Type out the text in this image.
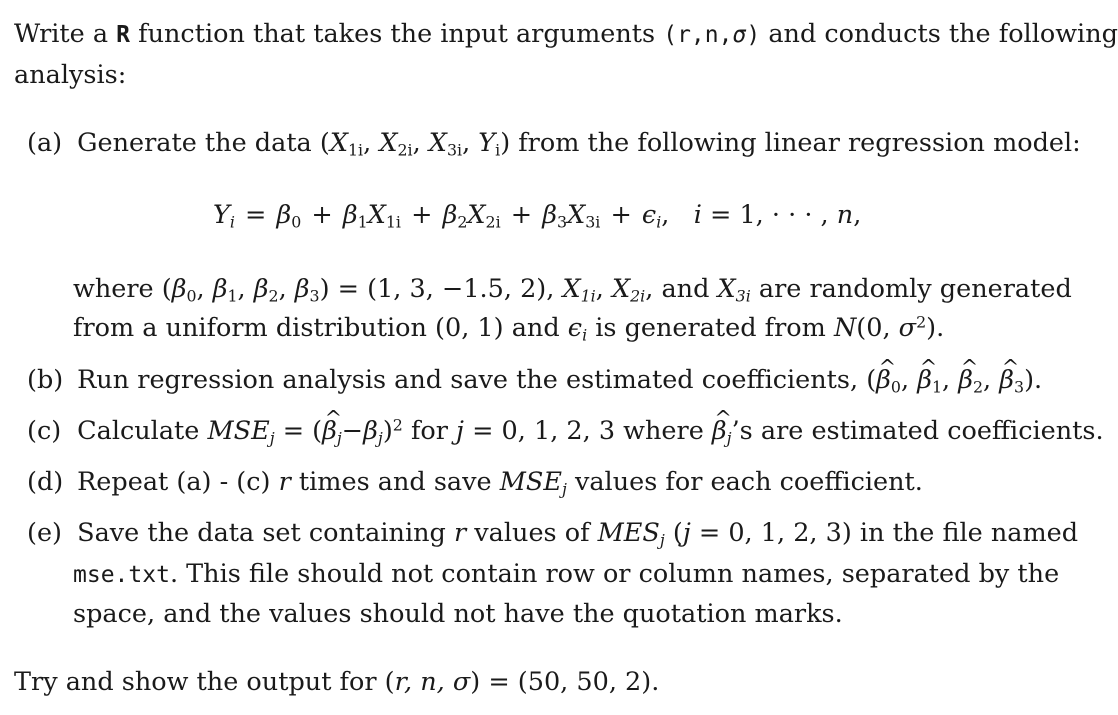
Write a R function that takes the input arguments (r,n,σ) and conducts the following
analysis:
(a) Generate the data ($X_{1i}$, $X_{2i}$, $X_{3i}$, $Y_i$) from the following linear regression model:
$Y_i = \beta_0 + \beta_1X_{1i} + \beta_2X_{2i} + \beta_3X_{3i} + \epsilon_i$,   i = 1, · · · , n,
where ($\beta_0$, $\beta_1$, $\beta_2$, $\beta_3) = (1$, 3, −1.5, 2), $X_{1i}$, $X_{2i}$, and $X_{3i}$ are randomly generated
from a uniform distribution (0, 1) and $\epsilon_i$ is generated from N(0, $\sigma^2$).
(b) Run regression analysis and save the estimated coefficients, (^ $\beta_0$, ^ $\beta_1$, ^ $\beta_2$, ^ $\beta_3$).
(c) Calculate $MSE_j$ = (^ $\beta_j-\beta_j)^2$ for j = 0, 1, 2, 3 where ^ $\beta_j’s$ are estimated coefficients.
(d) Repeat (a) - (c) r times and save $MSE_j$ values for each coefficient.
(e) Save the data set containing r values of $MES_j$ (j = 0, 1, 2, 3) in the file named
mse.txt. This file should not contain row or column names, separated by the
space, and the values should not have the quotation marks.
Try and show the output for (r, n, σ) = (50, 50, 2).
